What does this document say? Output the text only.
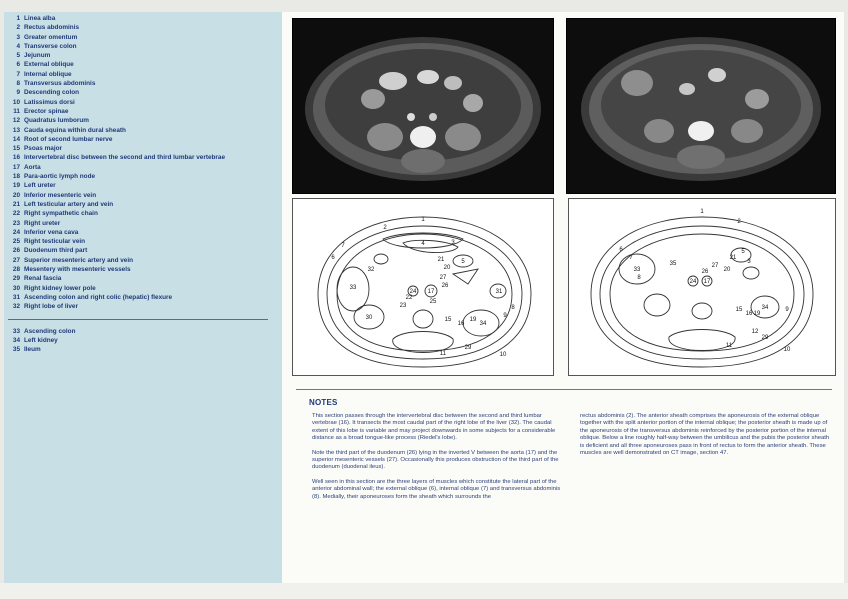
1 Linea alba
2 Rectus abdominis
3 Greater omentum
4 Transverse colon
5 Jejunum
6 External oblique
7 Internal oblique
8 Transversus abdominis
9 Descending colon
10 Latissimus dorsi
11 Erector spinae
12 Quadratus lumborum
13 Cauda equina within dural sheath
14 Root of second lumbar nerve
15 Psoas major
16 Intervertebral disc between the second and third lumbar vertebrae
17 Aorta
18 Para-aortic lymph node
19 Left ureter
20 Inferior mesenteric vein
21 Left testicular artery and vein
22 Right sympathetic chain
23 Right ureter
24 Inferior vena cava
25 Right testicular vein
26 Duodenum third part
27 Superior mesenteric artery and vein
28 Mesentery with mesenteric vessels
29 Renal fascia
30 Right kidney lower pole
31 Ascending colon and right colic (hepatic) flexure
32 Right lobe of liver
33 Ascending colon
34 Left kidney
35 Ileum
1
2
3
4
5
6
7
8
9
10
11
15
16
17
19
20
21
22
23
24
25
26
27
29
30
31
32
33
34
1
2
3
5
6
7
8
9
10
11
12
15
16
17
19
20
21
24
26
27
29
33
34
35
NOTES

This section passes through the intervertebral disc between the second and third lumbar vertebrae (16). It transects the most caudal part of the right lobe of the liver (32). The caudal extent of this lobe is variable and may project downwards in some subjects for a considerable distance as a broad tongue-like process (Riedel's lobe).

Note the third part of the duodenum (26) lying in the inverted V between the aorta (17) and the superior mesenteric vessels (27). Occasionally this produces obstruction of the third part of the duodenum (duodenal ileus).

Well seen in this section are the three layers of muscles which constitute the lateral part of the anterior abdominal wall; the external oblique (6), internal oblique (7) and transversus abdominis (8). Medially, their aponeuroses form the sheath which surrounds the

rectus abdominis (2). The anterior sheath comprises the aponeurosis of the external oblique together with the split anterior portion of the internal oblique; the posterior sheath is made up of the aponeurosis of the transversus abdominis reinforced by the posterior portion of the internal oblique. Below a line roughly half-way between the umbilicus and the pubis the posterior sheath is deficient and all three aponeuroses pass in front of rectus to form the anterior sheath. These muscles are well demonstrated on CT image, section 47.
